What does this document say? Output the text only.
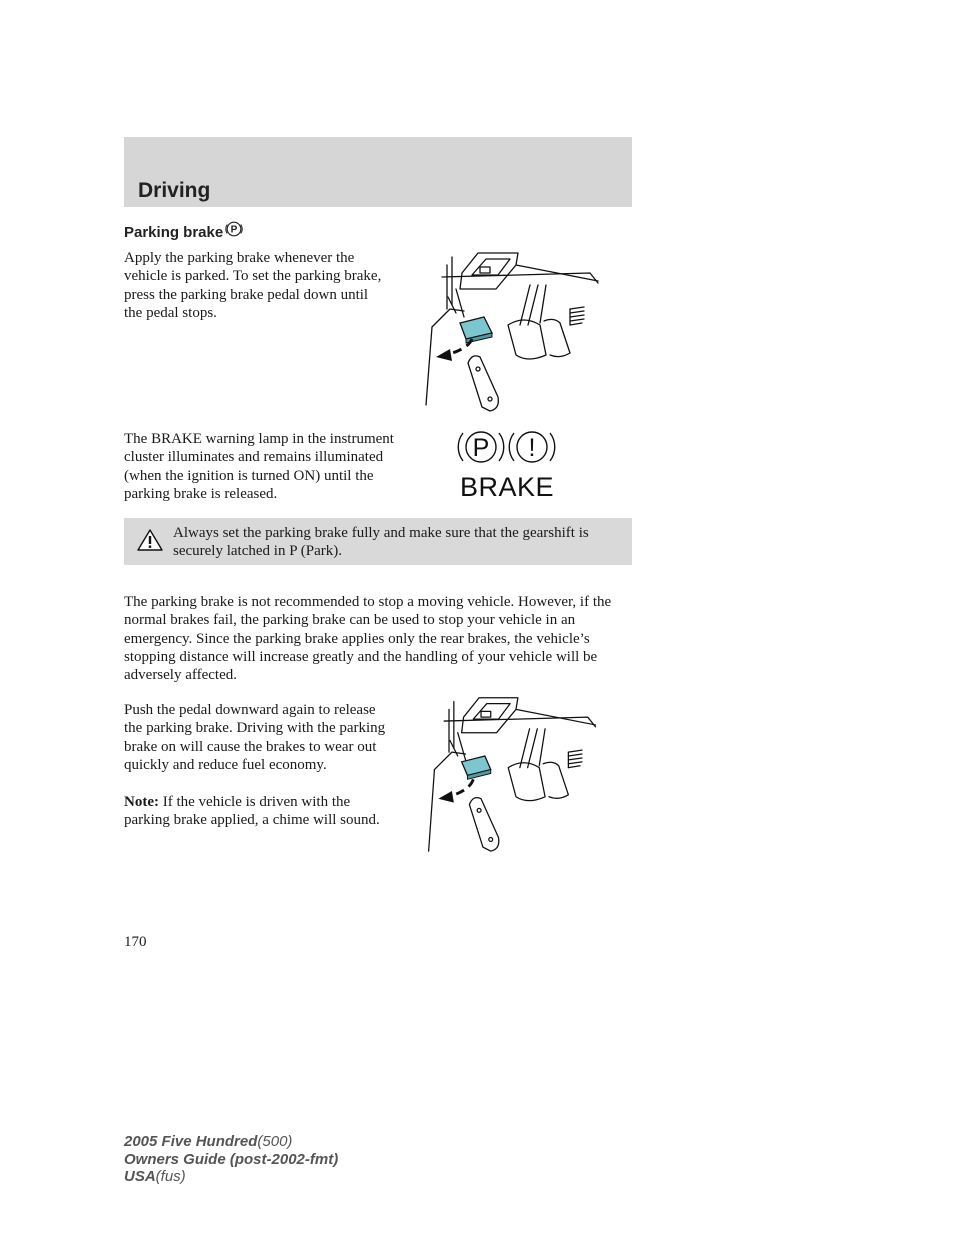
Driving
Parking brake P

Apply the parking brake whenever the vehicle is parked. To set the parking brake, press the parking brake pedal down until the pedal stops.

The BRAKE warning lamp in the instrument cluster illuminates and remains illuminated (when the ignition is turned ON) until the parking brake is released.

P !
BRAKE

Always set the parking brake fully and make sure that the gearshift is securely latched in P (Park).

The parking brake is not recommended to stop a moving vehicle. However, if the normal brakes fail, the parking brake can be used to stop your vehicle in an emergency. Since the parking brake applies only the rear brakes, the vehicle’s stopping distance will increase greatly and the handling of your vehicle will be adversely affected.

Push the pedal downward again to release the parking brake. Driving with the parking brake on will cause the brakes to wear out quickly and reduce fuel economy.

Note: If the vehicle is driven with the parking brake applied, a chime will sound.

170
2005 Five Hundred(500)
Owners Guide (post-2002-fmt)
USA(fus)
